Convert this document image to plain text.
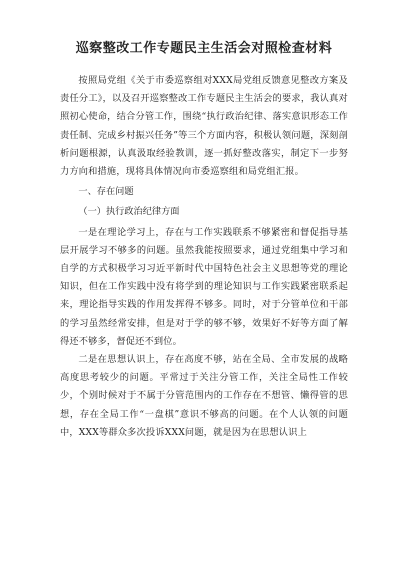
巡察整改工作专题民主生活会对照检查材料

按照局党组《关于市委巡察组对XXX局党组反馈意见整改方案及责任分工》，以及召开巡察整改工作专题民主生活会的要求，我认真对照初心使命，结合分管工作，围绕“执行政治纪律、落实意识形态工作责任制、完成乡村振兴任务”等三个方面内容，积极认领问题，深刻剖析问题根源，认真汲取经验教训，逐一抓好整改落实，制定下一步努力方向和措施，现将具体情况向市委巡察组和局党组汇报。

一、存在问题
（一）执行政治纪律方面

一是在理论学习上，存在与工作实践联系不够紧密和督促指导基层开展学习不够多的问题。虽然我能按照要求，通过党组集中学习和自学的方式积极学习习近平新时代中国特色社会主义思想等党的理论知识，但在工作实践中没有将学到的理论知识与工作实践紧密联系起来，理论指导实践的作用发挥得不够多。同时，对于分管单位和干部的学习虽然经常安排，但是对于学的够不够，效果好不好等方面了解得还不够多，督促还不到位。

二是在思想认识上，存在高度不够，站在全局、全市发展的战略高度思考较少的问题。平常过于关注分管工作，关注全局性工作较少，个别时候对于不属于分管范围内的工作存在不想管、懒得管的思想，存在全局工作“一盘棋”意识不够高的问题。在个人认领的问题中，XXX等群众多次投诉XXX问题，就是因为在思想认识上
